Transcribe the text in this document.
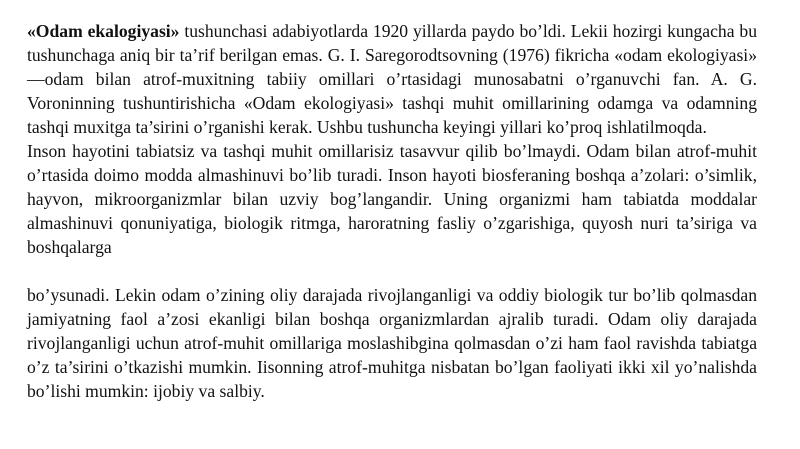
«Odam ekalogiyasi» tushunchasi adabiyotlarda 1920 yillarda paydo bo’ldi. Lekii hozirgi kungacha bu tushunchaga aniq bir ta’rif berilgan emas. G. I. Saregorodtsovning (1976) fikricha «odam ekologiyasi» —odam bilan atrof-muxitning tabiiy omillari o’rtasidagi munosabatni o’rganuvchi fan. A. G. Voroninning tushuntirishicha «Odam ekologiyasi» tashqi muhit omillarining odamga va odamning tashqi muxitga ta’sirini o’rganishi kerak. Ushbu tushuncha keyingi yillari ko’proq ishlatilmoqda.

Inson hayotini tabiatsiz va tashqi muhit omillarisiz tasavvur qilib bo’lmaydi. Odam bilan atrof-muhit o’rtasida doimo modda almashinuvi bo’lib turadi. Inson hayoti biosferaning boshqa a’zolari: o’simlik, hayvon, mikroorganizmlar bilan uzviy bog’langandir. Uning organizmi ham tabiatda moddalar almashinuvi qonuniyatiga, biologik ritmga, haroratning fasliy o’zgarishiga, quyosh nuri ta’siriga va boshqalarga

bo’ysunadi. Lekin odam o’zining oliy darajada rivojlanganligi va oddiy biologik tur bo’lib qolmasdan jamiyatning faol a’zosi ekanligi bilan boshqa organizmlardan ajralib turadi. Odam oliy darajada rivojlanganligi uchun atrof-muhit omillariga moslashibgina qolmasdan o’zi ham faol ravishda tabiatga o’z ta’sirini o’tkazishi mumkin. Iisonning atrof-muhitga nisbatan bo’lgan faoliyati ikki xil yo’nalishda bo’lishi mumkin: ijobiy va salbiy.
